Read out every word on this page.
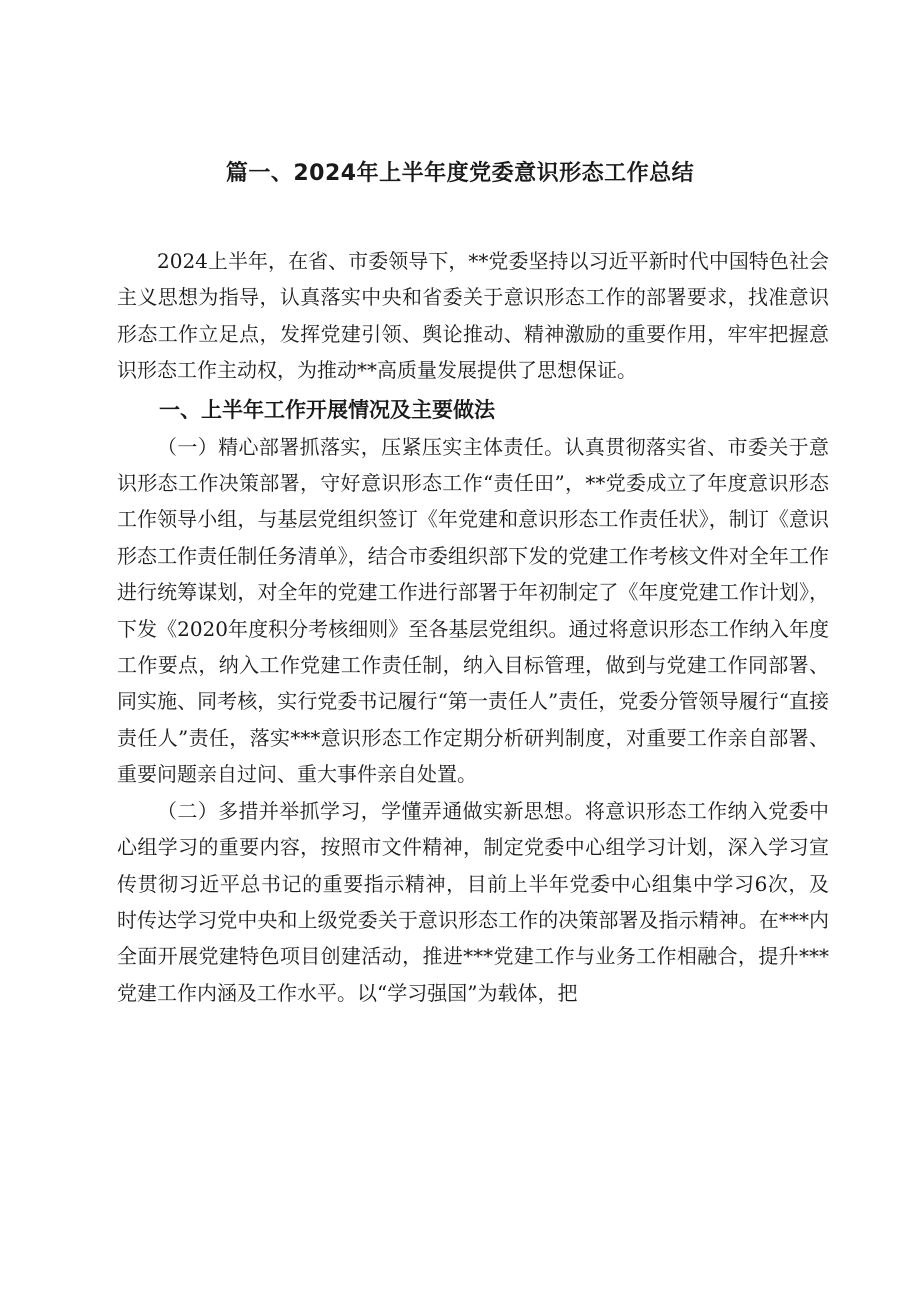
篇一、2024年上半年度党委意识形态工作总结

2024上半年，在省、市委领导下，**党委坚持以习近平新时代中国特色社会主义思想为指导，认真落实中央和省委关于意识形态工作的部署要求，找准意识形态工作立足点，发挥党建引领、舆论推动、精神激励的重要作用，牢牢把握意识形态工作主动权，为推动**高质量发展提供了思想保证。

一、上半年工作开展情况及主要做法

（一）精心部署抓落实，压紧压实主体责任。认真贯彻落实省、市委关于意识形态工作决策部署，守好意识形态工作“责任田”，**党委成立了年度意识形态工作领导小组，与基层党组织签订《年党建和意识形态工作责任状》，制订《意识形态工作责任制任务清单》，结合市委组织部下发的党建工作考核文件对全年工作进行统筹谋划，对全年的党建工作进行部署于年初制定了《年度党建工作计划》，下发《2020年度积分考核细则》至各基层党组织。通过将意识形态工作纳入年度工作要点，纳入工作党建工作责任制，纳入目标管理，做到与党建工作同部署、同实施、同考核，实行党委书记履行“第一责任人”责任，党委分管领导履行“直接责任人”责任，落实***意识形态工作定期分析研判制度，对重要工作亲自部署、重要问题亲自过问、重大事件亲自处置。

（二）多措并举抓学习，学懂弄通做实新思想。将意识形态工作纳入党委中心组学习的重要内容，按照市文件精神，制定党委中心组学习计划，深入学习宣传贯彻习近平总书记的重要指示精神，目前上半年党委中心组集中学习6次，及时传达学习党中央和上级党委关于意识形态工作的决策部署及指示精神。在***内全面开展党建特色项目创建活动，推进***党建工作与业务工作相融合，提升***党建工作内涵及工作水平。以“学习强国”为载体，把
